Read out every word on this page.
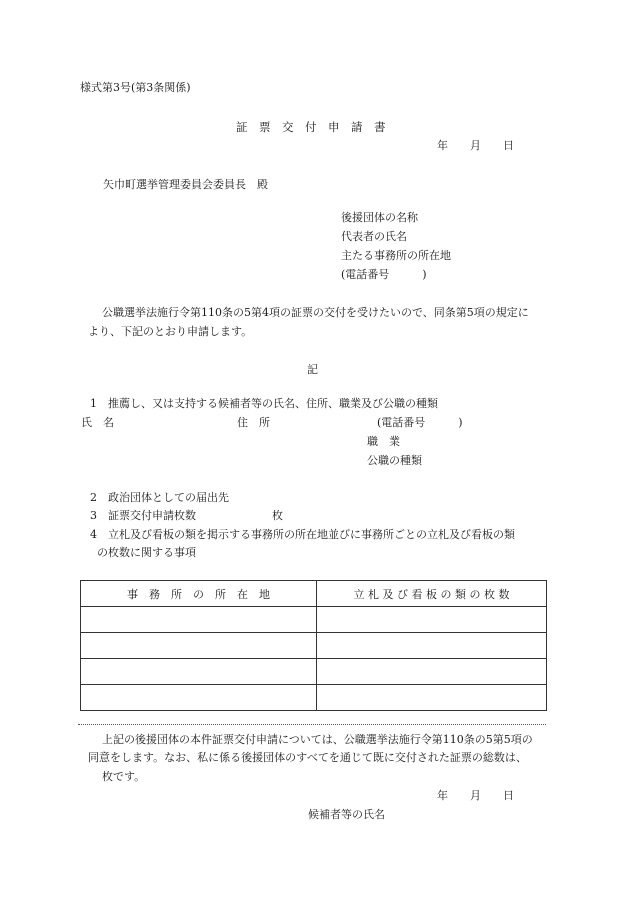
様式第3号(第3条関係)
証　票　交　付　申　請　書
年　　月　　日
矢巾町選挙管理委員会委員長　殿
後援団体の名称
代表者の氏名
主たる事務所の所在地
(電話番号　　　)
公職選挙法施行令第110条の5第4項の証票の交付を受けたいので、同条第5項の規定に
より、下記のとおり申請します。
記
1　推薦し、又は支持する候補者等の氏名、住所、職業及び公職の種類
氏　名	住　所	(電話番号　　　)
職　業
公職の種類
2　政治団体としての届出先
3　証票交付申請枚数	枚
4　立札及び看板の類を掲示する事務所の所在地並びに事務所ごとの立札及び看板の類
の枚数に関する事項
事　務　所　の　所　在　地	立 札 及 び 看 板 の 類 の 枚 数

上記の後援団体の本件証票交付申請については、公職選挙法施行令第110条の5第5項の
同意をします。なお、私に係る後援団体のすべてを通じて既に交付された証票の総数は、
枚です。
年　　月　　日
候補者等の氏名
